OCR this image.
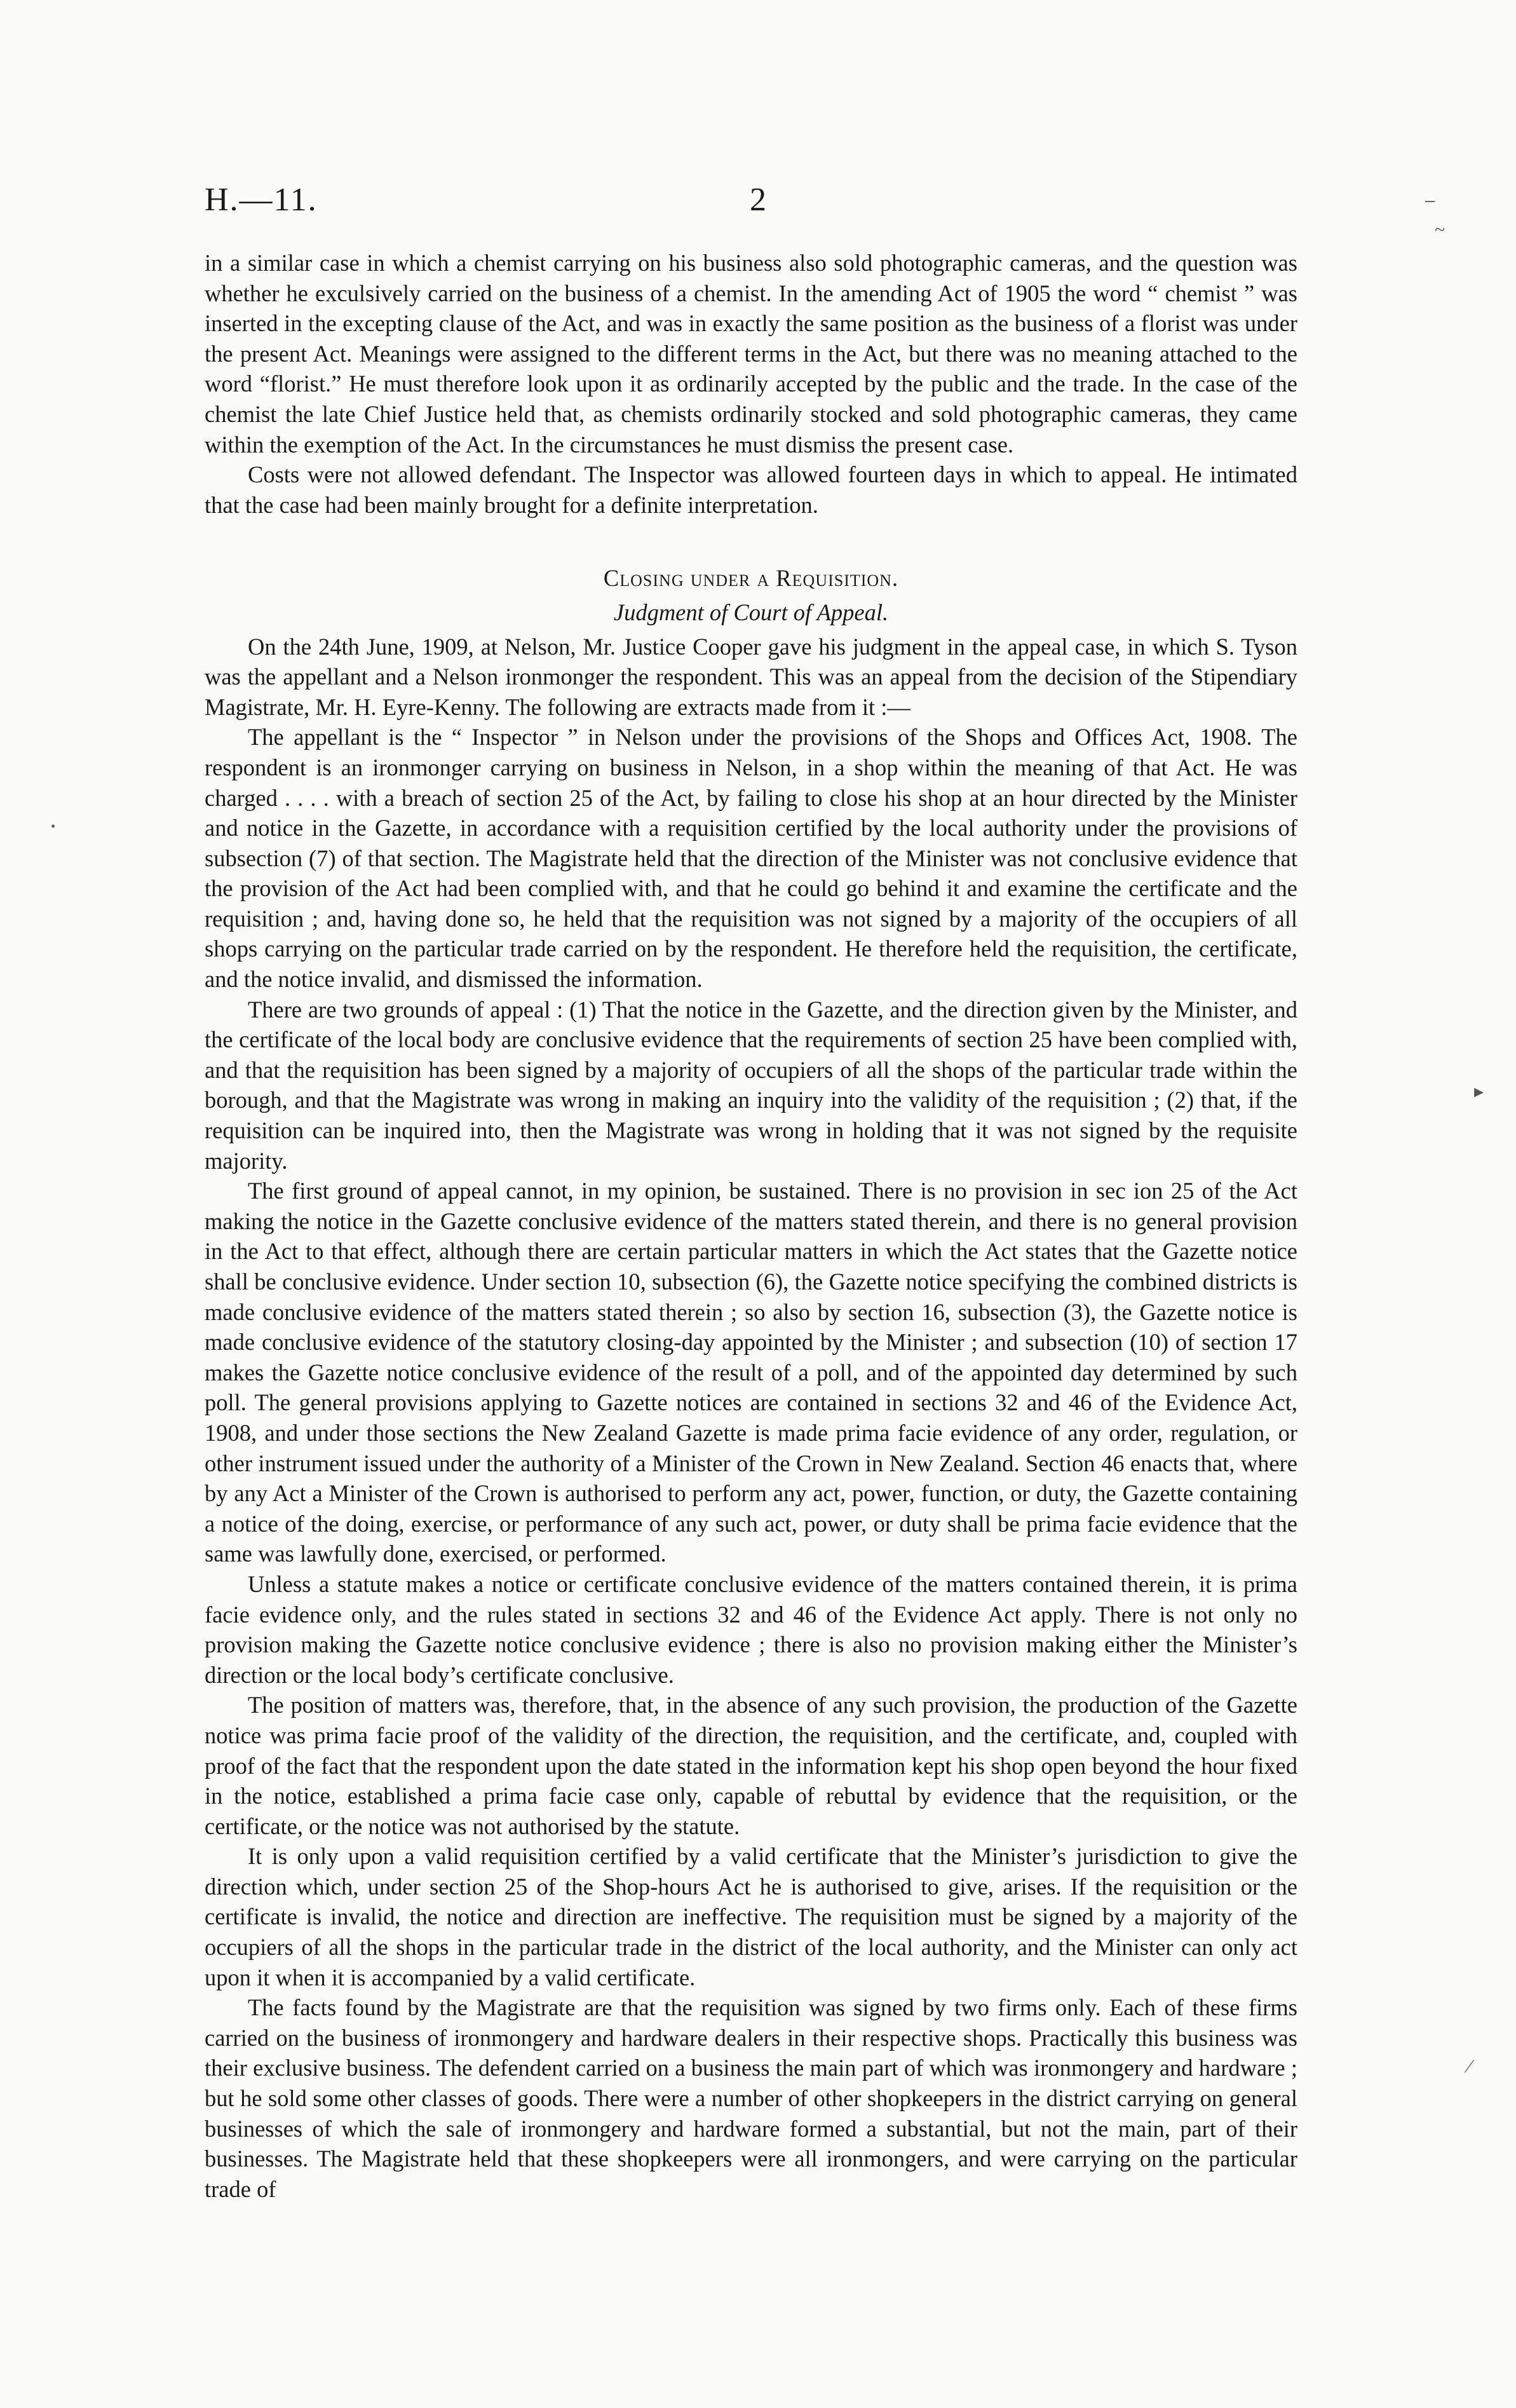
H.—11.	2

in a similar case in which a chemist carrying on his business also sold photographic cameras, and the question was whether he exculsively carried on the business of a chemist. In the amending Act of 1905 the word “ chemist ” was inserted in the excepting clause of the Act, and was in exactly the same position as the business of a florist was under the present Act. Meanings were assigned to the different terms in the Act, but there was no meaning attached to the word “florist.” He must therefore look upon it as ordinarily accepted by the public and the trade. In the case of the chemist the late Chief Justice held that, as chemists ordinarily stocked and sold photographic cameras, they came within the exemption of the Act. In the circumstances he must dismiss the present case.

Costs were not allowed defendant. The Inspector was allowed fourteen days in which to appeal. He intimated that the case had been mainly brought for a definite interpretation.

Closing under a Requisition.
Judgment of Court of Appeal.

On the 24th June, 1909, at Nelson, Mr. Justice Cooper gave his judgment in the appeal case, in which S. Tyson was the appellant and a Nelson ironmonger the respondent. This was an appeal from the decision of the Stipendiary Magistrate, Mr. H. Eyre-Kenny. The following are extracts made from it :—

The appellant is the “ Inspector ” in Nelson under the provisions of the Shops and Offices Act, 1908. The respondent is an ironmonger carrying on business in Nelson, in a shop within the meaning of that Act. He was charged . . . . with a breach of section 25 of the Act, by failing to close his shop at an hour directed by the Minister and notice in the Gazette, in accordance with a requisition certified by the local authority under the provisions of subsection (7) of that section. The Magistrate held that the direction of the Minister was not conclusive evidence that the provision of the Act had been complied with, and that he could go behind it and examine the certificate and the requisition ; and, having done so, he held that the requisition was not signed by a majority of the occupiers of all shops carrying on the particular trade carried on by the respondent. He therefore held the requisition, the certificate, and the notice invalid, and dismissed the information.

There are two grounds of appeal : (1) That the notice in the Gazette, and the direction given by the Minister, and the certificate of the local body are conclusive evidence that the requirements of section 25 have been complied with, and that the requisition has been signed by a majority of occupiers of all the shops of the particular trade within the borough, and that the Magistrate was wrong in making an inquiry into the validity of the requisition ; (2) that, if the requisition can be inquired into, then the Magistrate was wrong in holding that it was not signed by the requisite majority.

The first ground of appeal cannot, in my opinion, be sustained. There is no provision in sec ion 25 of the Act making the notice in the Gazette conclusive evidence of the matters stated therein, and there is no general provision in the Act to that effect, although there are certain particular matters in which the Act states that the Gazette notice shall be conclusive evidence. Under section 10, subsection (6), the Gazette notice specifying the combined districts is made conclusive evidence of the matters stated therein ; so also by section 16, subsection (3), the Gazette notice is made conclusive evidence of the statutory closing-day appointed by the Minister ; and subsection (10) of section 17 makes the Gazette notice conclusive evidence of the result of a poll, and of the appointed day determined by such poll. The general provisions applying to Gazette notices are contained in sections 32 and 46 of the Evidence Act, 1908, and under those sections the New Zealand Gazette is made prima facie evidence of any order, regulation, or other instrument issued under the authority of a Minister of the Crown in New Zealand. Section 46 enacts that, where by any Act a Minister of the Crown is authorised to perform any act, power, function, or duty, the Gazette containing a notice of the doing, exercise, or performance of any such act, power, or duty shall be prima facie evidence that the same was lawfully done, exercised, or performed.

Unless a statute makes a notice or certificate conclusive evidence of the matters contained therein, it is prima facie evidence only, and the rules stated in sections 32 and 46 of the Evidence Act apply. There is not only no provision making the Gazette notice conclusive evidence ; there is also no provision making either the Minister’s direction or the local body’s certificate conclusive.

The position of matters was, therefore, that, in the absence of any such provision, the production of the Gazette notice was prima facie proof of the validity of the direction, the requisition, and the certificate, and, coupled with proof of the fact that the respondent upon the date stated in the information kept his shop open beyond the hour fixed in the notice, established a prima facie case only, capable of rebuttal by evidence that the requisition, or the certificate, or the notice was not authorised by the statute.

It is only upon a valid requisition certified by a valid certificate that the Minister’s jurisdiction to give the direction which, under section 25 of the Shop-hours Act he is authorised to give, arises. If the requisition or the certificate is invalid, the notice and direction are ineffective. The requisition must be signed by a majority of the occupiers of all the shops in the particular trade in the district of the local authority, and the Minister can only act upon it when it is accompanied by a valid certificate.

The facts found by the Magistrate are that the requisition was signed by two firms only. Each of these firms carried on the business of ironmongery and hardware dealers in their respective shops. Practically this business was their exclusive business. The defendent carried on a business the main part of which was ironmongery and hardware ; but he sold some other classes of goods. There were a number of other shopkeepers in the district carrying on general businesses of which the sale of ironmongery and hardware formed a substantial, but not the main, part of their businesses. The Magistrate held that these shopkeepers were all ironmongers, and were carrying on the particular trade of

⁻
~
▸
⁄
•
